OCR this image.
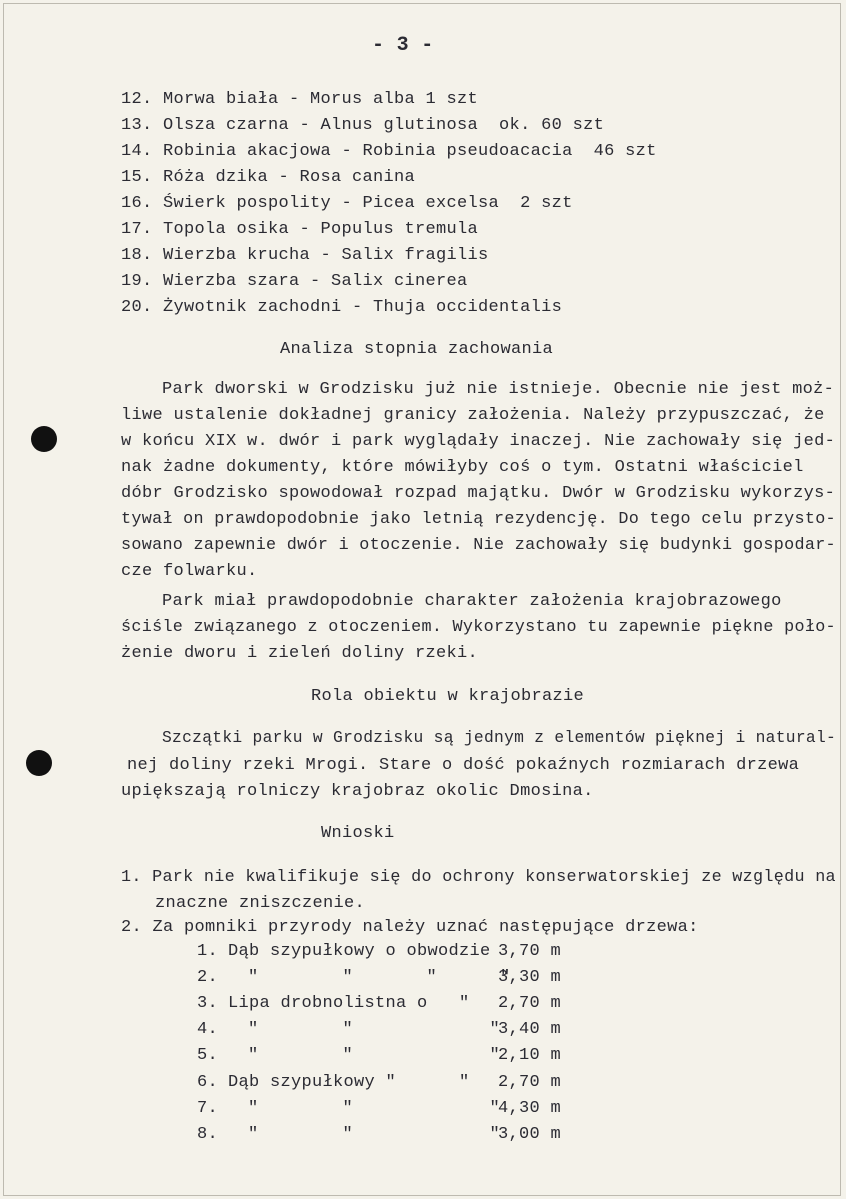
- 3 -
12. Morwa biała - Morus alba 1 szt
13. Olsza czarna - Alnus glutinosa  ok. 60 szt
14. Robinia akacjowa - Robinia pseudoacacia  46 szt
15. Róża dzika - Rosa canina
16. Świerk pospolity - Picea excelsa  2 szt
17. Topola osika - Populus tremula
18. Wierzba krucha - Salix fragilis
19. Wierzba szara - Salix cinerea
20. Żywotnik zachodni - Thuja occidentalis
Analiza stopnia zachowania
Park dworski w Grodzisku już nie istnieje. Obecnie nie jest moż-
liwe ustalenie dokładnej granicy założenia. Należy przypuszczać, że
w końcu XIX w. dwór i park wyglądały inaczej. Nie zachowały się jed-
nak żadne dokumenty, które mówiłyby coś o tym. Ostatni właściciel
dóbr Grodzisko spowodował rozpad majątku. Dwór w Grodzisku wykorzys-
tywał on prawdopodobnie jako letnią rezydencję. Do tego celu przysto-
sowano zapewnie dwór i otoczenie. Nie zachowały się budynki gospodar-
cze folwarku.
Park miał prawdopodobnie charakter założenia krajobrazowego
ściśle związanego z otoczeniem. Wykorzystano tu zapewnie piękne poło-
żenie dworu i zieleń doliny rzeki.
Rola obiektu w krajobrazie
Szczątki parku w Grodzisku są jednym z elementów pięknej i natural-
nej doliny rzeki Mrogi. Stare o dość pokaźnych rozmiarach drzewa
upiększają rolniczy krajobraz okolic Dmosina.
Wnioski
1. Park nie kwalifikuje się do ochrony konserwatorskiej ze względu na
znaczne zniszczenie.
2. Za pomniki przyrody należy uznać następujące drzewa:
1. Dąb szypułkowy o obwodzie 3,70 m
2. "        "       "      "
3,30 m
3. Lipa drobnolistna o   " 2,70 m
4. "        "             "
3,40 m
5. "        "             "
2,10 m
6. Dąb szypułkowy "      " 2,70 m
7. "        "             "
4,30 m
8. "        "             "
3,00 m
